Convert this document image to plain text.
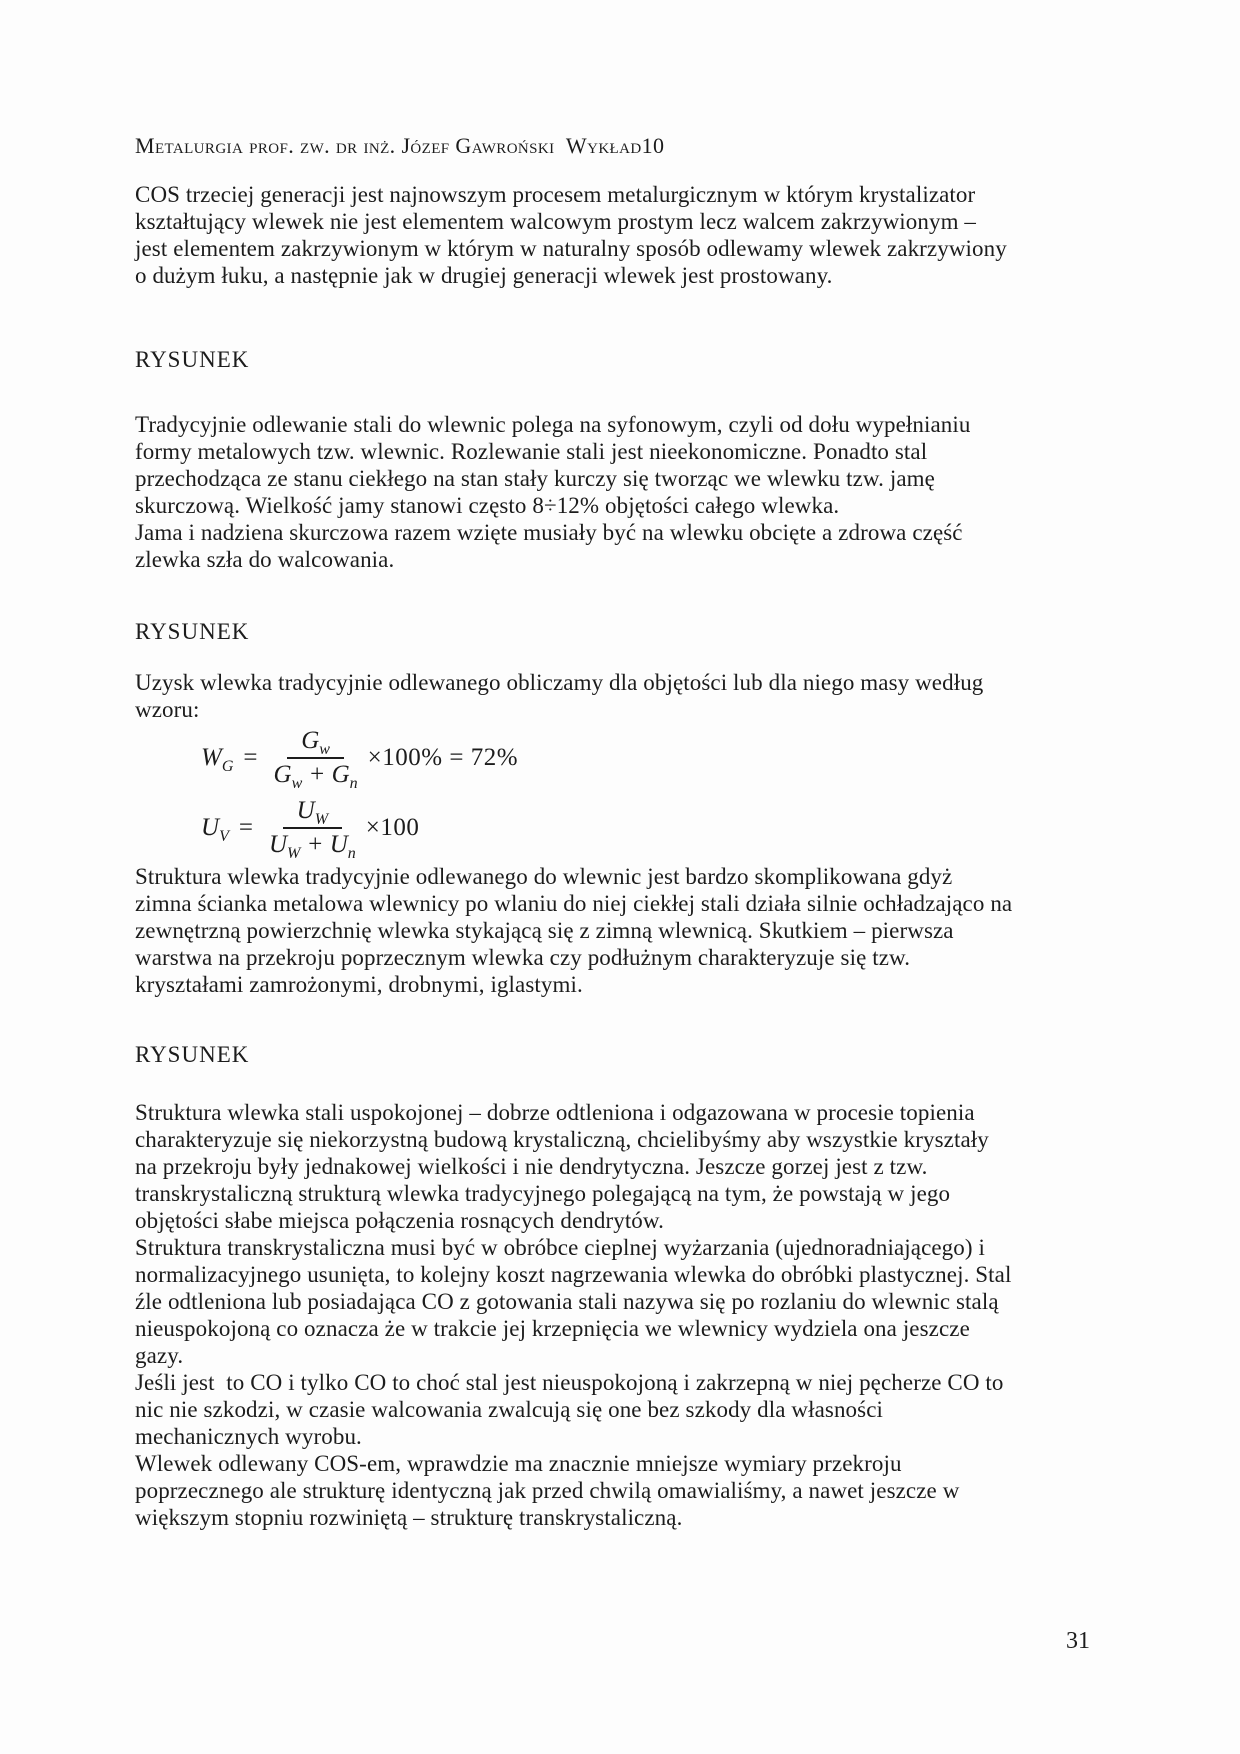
Metalurgia prof. zw. dr inż. Józef Gawroński  Wykład10
COS trzeciej generacji jest najnowszym procesem metalurgicznym w którym krystalizator
kształtujący wlewek nie jest elementem walcowym prostym lecz walcem zakrzywionym –
jest elementem zakrzywionym w którym w naturalny sposób odlewamy wlewek zakrzywiony
o dużym łuku, a następnie jak w drugiej generacji wlewek jest prostowany.
RYSUNEK
Tradycyjnie odlewanie stali do wlewnic polega na syfonowym, czyli od dołu wypełnianiu
formy metalowych tzw. wlewnic. Rozlewanie stali jest nieekonomiczne. Ponadto stal
przechodząca ze stanu ciekłego na stan stały kurczy się tworząc we wlewku tzw. jamę
skurczową. Wielkość jamy stanowi często 8÷12% objętości całego wlewka.
Jama i nadziena skurczowa razem wzięte musiały być na wlewku obcięte a zdrowa część
zlewka szła do walcowania.
RYSUNEK
Uzysk wlewka tradycyjnie odlewanego obliczamy dla objętości lub dla niego masy według
wzoru:
$W_G = \frac{G_w}{G_w + G_n} \times 100\% = 72\%$
$U_V = \frac{U_W}{U_W + U_n} \times 100$
Struktura wlewka tradycyjnie odlewanego do wlewnic jest bardzo skomplikowana gdyż
zimna ścianka metalowa wlewnicy po wlaniu do niej ciekłej stali działa silnie ochładzająco na
zewnętrzną powierzchnię wlewka stykającą się z zimną wlewnicą. Skutkiem – pierwsza
warstwa na przekroju poprzecznym wlewka czy podłużnym charakteryzuje się tzw.
kryształami zamrożonymi, drobnymi, iglastymi.
RYSUNEK
Struktura wlewka stali uspokojonej – dobrze odtleniona i odgazowana w procesie topienia
charakteryzuje się niekorzystną budową krystaliczną, chcielibyśmy aby wszystkie kryształy
na przekroju były jednakowej wielkości i nie dendrytyczna. Jeszcze gorzej jest z tzw.
transkrystaliczną strukturą wlewka tradycyjnego polegającą na tym, że powstają w jego
objętości słabe miejsca połączenia rosnących dendrytów.
Struktura transkrystaliczna musi być w obróbce cieplnej wyżarzania (ujednoradniającego) i
normalizacyjnego usunięta, to kolejny koszt nagrzewania wlewka do obróbki plastycznej. Stal
źle odtleniona lub posiadająca CO z gotowania stali nazywa się po rozlaniu do wlewnic stalą
nieuspokojoną co oznacza że w trakcie jej krzepnięcia we wlewnicy wydziela ona jeszcze
gazy.
Jeśli jest  to CO i tylko CO to choć stal jest nieuspokojoną i zakrzepną w niej pęcherze CO to
nic nie szkodzi, w czasie walcowania zwalcują się one bez szkody dla własności
mechanicznych wyrobu.
Wlewek odlewany COS-em, wprawdzie ma znacznie mniejsze wymiary przekroju
poprzecznego ale strukturę identyczną jak przed chwilą omawialiśmy, a nawet jeszcze w
większym stopniu rozwiniętą – strukturę transkrystaliczną.
31
